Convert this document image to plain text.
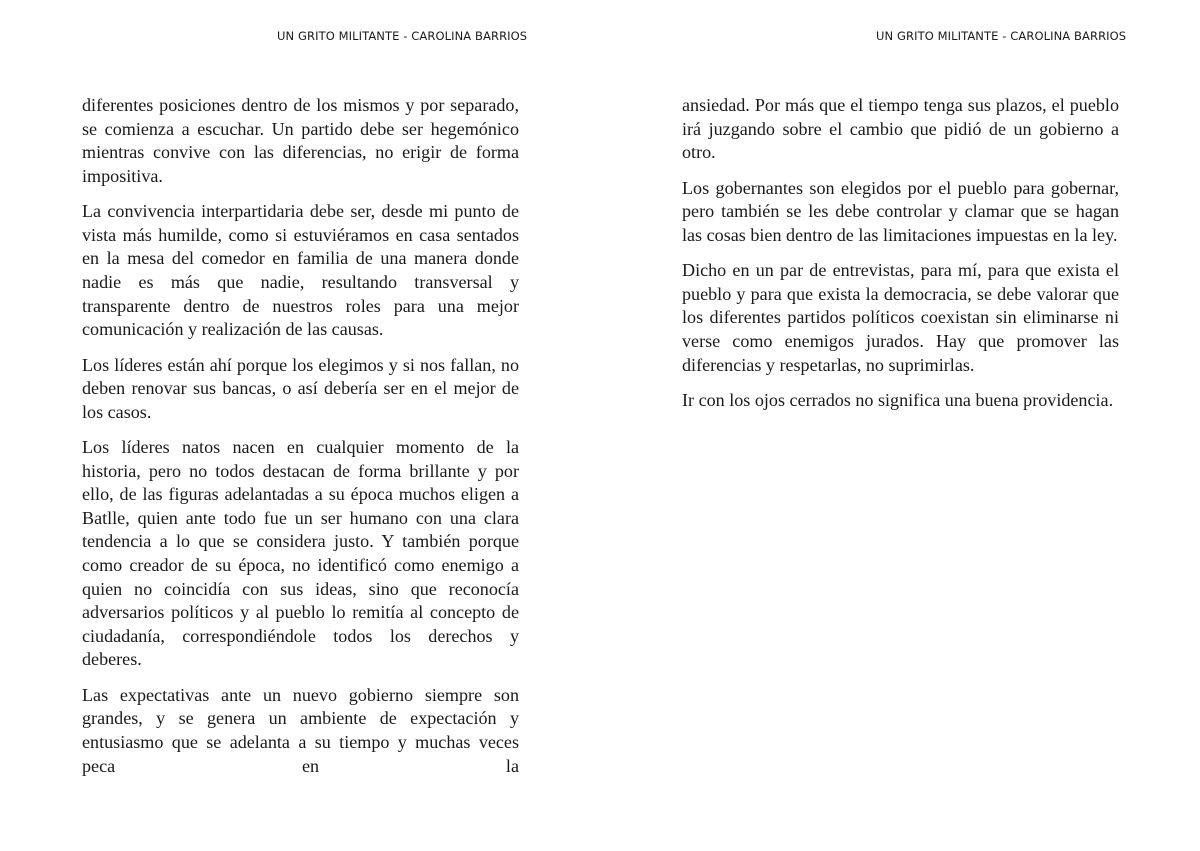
UN GRITO MILITANTE - CAROLINA BARRIOS

diferentes posiciones dentro de los mismos y por separado, se comienza a escuchar. Un partido debe ser hegemónico mientras convive con las diferencias, no erigir de forma impositiva.

La convivencia interpartidaria debe ser, desde mi punto de vista más humilde, como si estuviéramos en casa sentados en la mesa del comedor en familia de una manera donde nadie es más que nadie, resultando transversal y transparente dentro de nuestros roles para una mejor comunicación y realización de las causas.

Los líderes están ahí porque los elegimos y si nos fallan, no deben renovar sus bancas, o así debería ser en el mejor de los casos.

Los líderes natos nacen en cualquier momento de la historia, pero no todos destacan de forma brillante y por ello, de las figuras adelantadas a su época muchos eligen a Batlle, quien ante todo fue un ser humano con una clara tendencia a lo que se considera justo. Y también porque como creador de su época, no identificó como enemigo a quien no coincidía con sus ideas, sino que reconocía adversarios políticos y al pueblo lo remitía al concepto de ciudadanía, correspondiéndole todos los derechos y deberes.

Las expectativas ante un nuevo gobierno siempre son grandes, y se genera un ambiente de expectación y entusiasmo que se adelanta a su tiempo y muchas veces peca en la

UN GRITO MILITANTE - CAROLINA BARRIOS

ansiedad. Por más que el tiempo tenga sus plazos, el pueblo irá juzgando sobre el cambio que pidió de un gobierno a otro.

Los gobernantes son elegidos por el pueblo para gobernar, pero también se les debe controlar y clamar que se hagan las cosas bien dentro de las limitaciones impuestas en la ley.

Dicho en un par de entrevistas, para mí, para que exista el pueblo y para que exista la democracia, se debe valorar que los diferentes partidos políticos coexistan sin eliminarse ni verse como enemigos jurados. Hay que promover las diferencias y respetarlas, no suprimirlas.

Ir con los ojos cerrados no significa una buena providencia.
